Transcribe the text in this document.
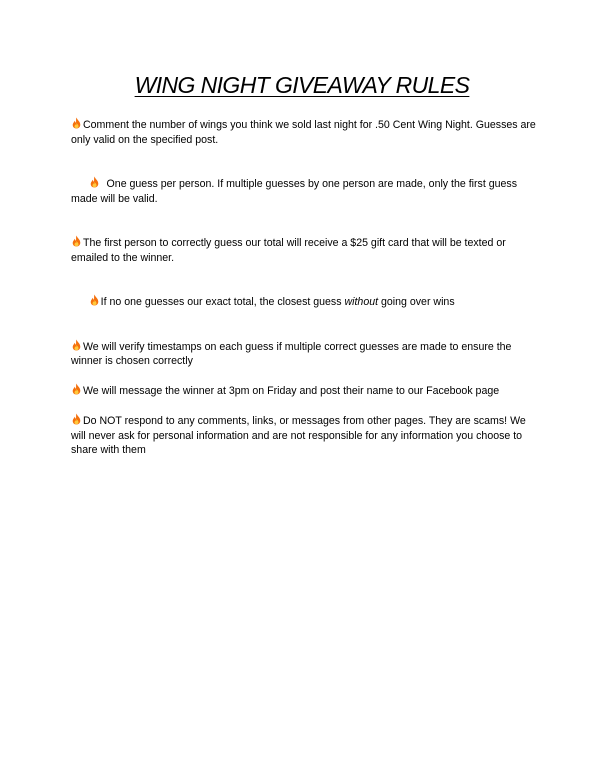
WING NIGHT GIVEAWAY RULES

Comment the number of wings you think we sold last night for .50 Cent Wing Night. Guesses are only valid on the specified post.

One guess per person. If multiple guesses by one person are made, only the first guess made will be valid.

The first person to correctly guess our total will receive a $25 gift card that will be texted or emailed to the winner.

If no one guesses our exact total, the closest guess without going over wins

We will verify timestamps on each guess if multiple correct guesses are made to ensure the winner is chosen correctly

We will message the winner at 3pm on Friday and post their name to our Facebook page

Do NOT respond to any comments, links, or messages from other pages. They are scams! We will never ask for personal information and are not responsible for any information you choose to share with them
